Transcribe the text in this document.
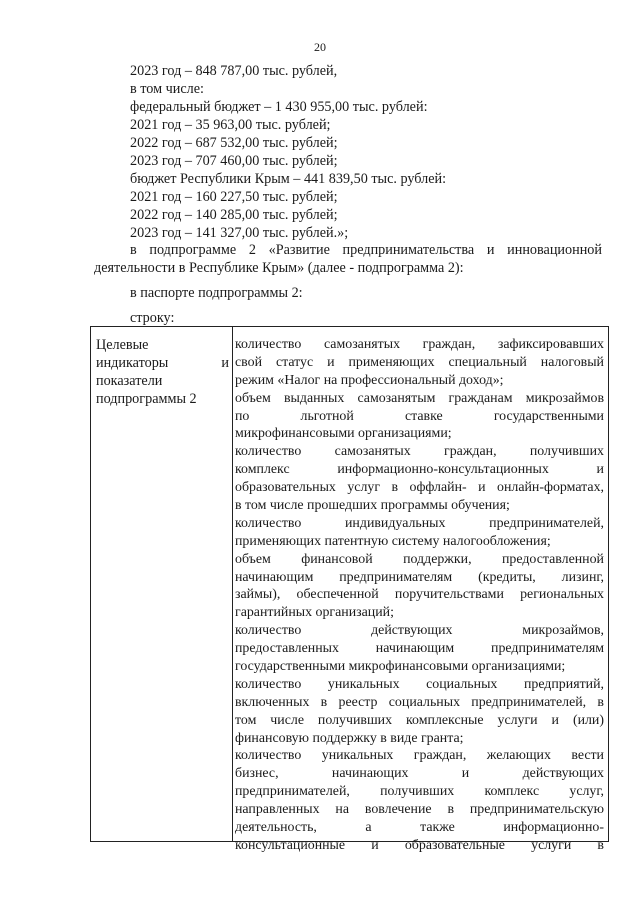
20
2023 год – 848 787,00 тыс. рублей,
в том числе:
федеральный бюджет – 1 430 955,00 тыс. рублей:
2021 год – 35 963,00 тыс. рублей;
2022 год – 687 532,00 тыс. рублей;
2023 год – 707 460,00 тыс. рублей;
бюджет Республики Крым – 441 839,50 тыс. рублей:
2021 год – 160 227,50 тыс. рублей;
2022 год – 140 285,00 тыс. рублей;
2023 год – 141 327,00 тыс. рублей.»;
в подпрограмме 2 «Развитие предпринимательства и инновационной
деятельности в Республике Крым» (далее - подпрограмма 2):
в паспорте подпрограммы 2:
строку:
Целевые
индикаторы	и
показатели
подпрограммы 2
количество самозанятых граждан, зафиксировавших
свой статус и применяющих специальный налоговый
режим «Налог на профессиональный доход»;
объем выданных самозанятым гражданам микрозаймов
по льготной ставке государственными
микрофинансовыми организациями;
количество самозанятых граждан, получивших
комплекс информационно-консультационных и
образовательных услуг в оффлайн- и онлайн-форматах,
в том числе прошедших программы обучения;
количество индивидуальных предпринимателей,
применяющих патентную систему налогообложения;
объем финансовой поддержки, предоставленной
начинающим предпринимателям (кредиты, лизинг,
займы), обеспеченной поручительствами региональных
гарантийных организаций;
количество действующих микрозаймов,
предоставленных начинающим предпринимателям
государственными микрофинансовыми организациями;
количество уникальных социальных предприятий,
включенных в реестр социальных предпринимателей, в
том числе получивших комплексные услуги и (или)
финансовую поддержку в виде гранта;
количество уникальных граждан, желающих вести
бизнес, начинающих и действующих
предпринимателей, получивших комплекс услуг,
направленных на вовлечение в предпринимательскую
деятельность, а также информационно-
консультационные и образовательные услуги в
